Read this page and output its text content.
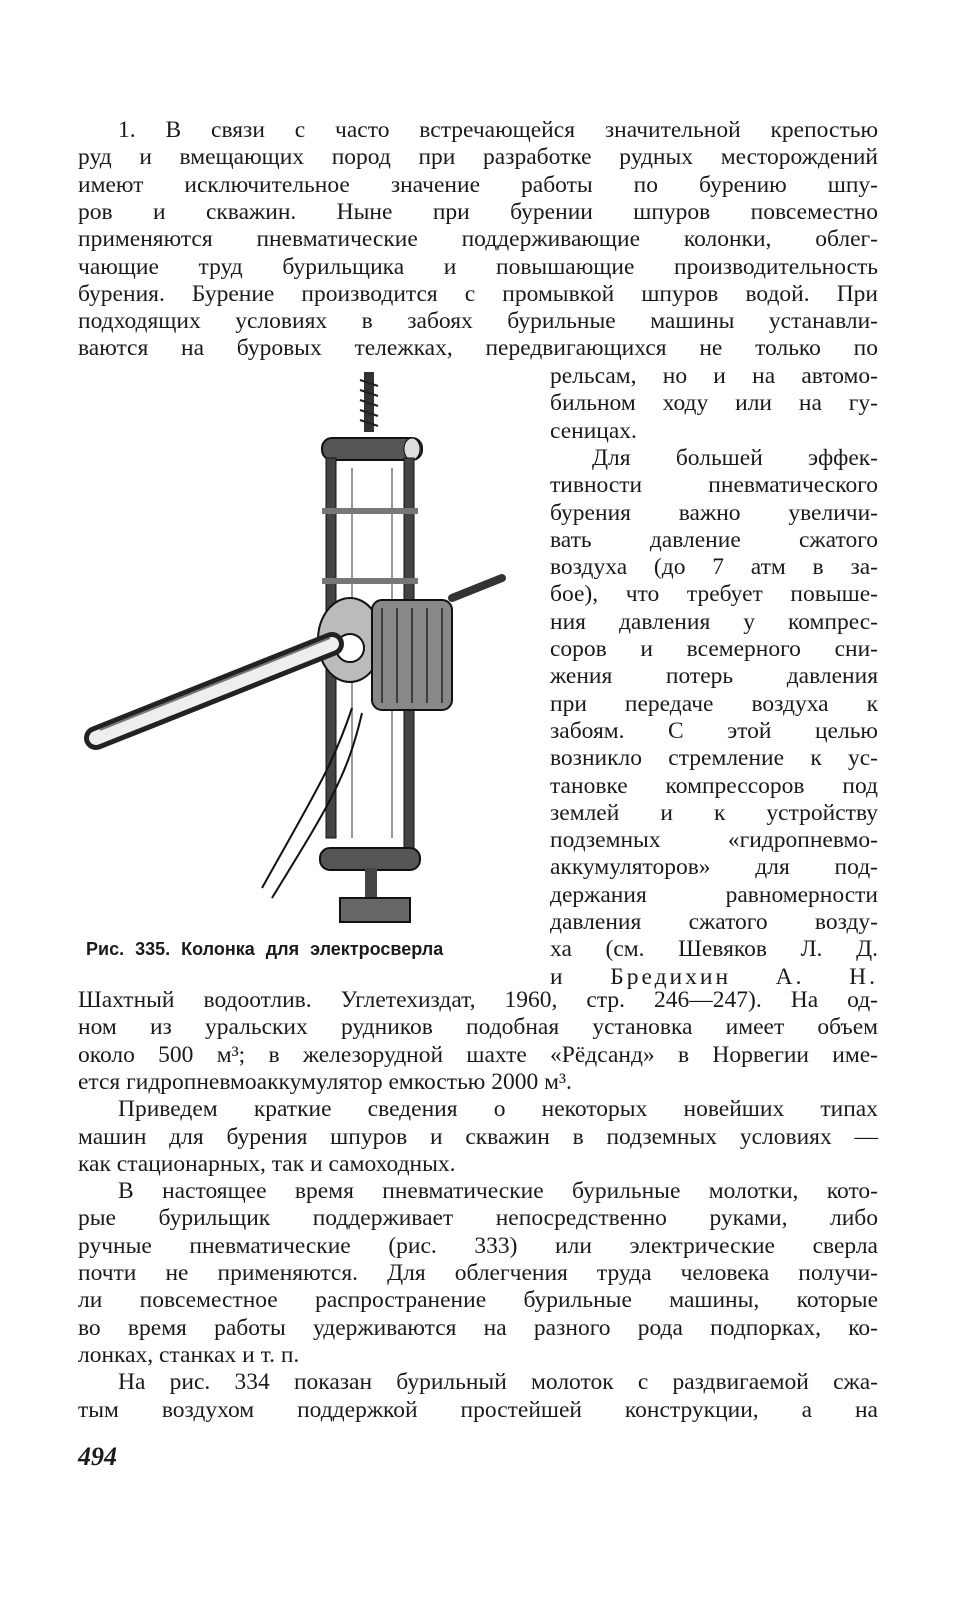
1. В связи с часто встречающейся значительной крепостью
руд и вмещающих пород при разработке рудных месторождений
имеют исключительное значение работы по бурению шпу-
ров и скважин. Ныне при бурении шпуров повсеместно
применяются пневматические поддерживающие колонки, облег-
чающие труд бурильщика и повышающие производительность
бурения. Бурение производится с промывкой шпуров водой. При
подходящих условиях в забоях бурильные машины устанавли-
ваются на буровых тележках, передвигающихся не только по
рельсам, но и на автомо-
бильном ходу или на гу-
сеницах.
Для большей эффек-
тивности пневматического
бурения важно увеличи-
вать давление сжатого
воздуха (до 7 атм в за-
бое), что требует повыше-
ния давления у компрес-
соров и всемерного сни-
жения потерь давления
при передаче воздуха к
забоям. С этой целью
возникло стремление к ус-
тановке компрессоров под
землей и к устройству
подземных «гидропневмо-
аккумуляторов» для под-
держания равномерности
давления сжатого возду-
ха (см. Шевяков Л. Д.
и Бредихин А. Н.
Шахтный водоотлив. Углетехиздат, 1960, стр. 246—247). На од-
ном из уральских рудников подобная установка имеет объем
около 500 м³; в железорудной шахте «Рёдсанд» в Норвегии име-
ется гидропневмоаккумулятор емкостью 2000 м³.
Приведем краткие сведения о некоторых новейших типах
машин для бурения шпуров и скважин в подземных условиях —
как стационарных, так и самоходных.
В настоящее время пневматические бурильные молотки, кото-
рые бурильщик поддерживает непосредственно руками, либо
ручные пневматические (рис. 333) или электрические сверла
почти не применяются. Для облегчения труда человека получи-
ли повсеместное распространение бурильные машины, которые
во время работы удерживаются на разного рода подпорках, ко-
лонках, станках и т. п.
На рис. 334 показан бурильный молоток с раздвигаемой сжа-
тым воздухом поддержкой простейшей конструкции, а на
Рис. 335. Колонка для электросверла
494
